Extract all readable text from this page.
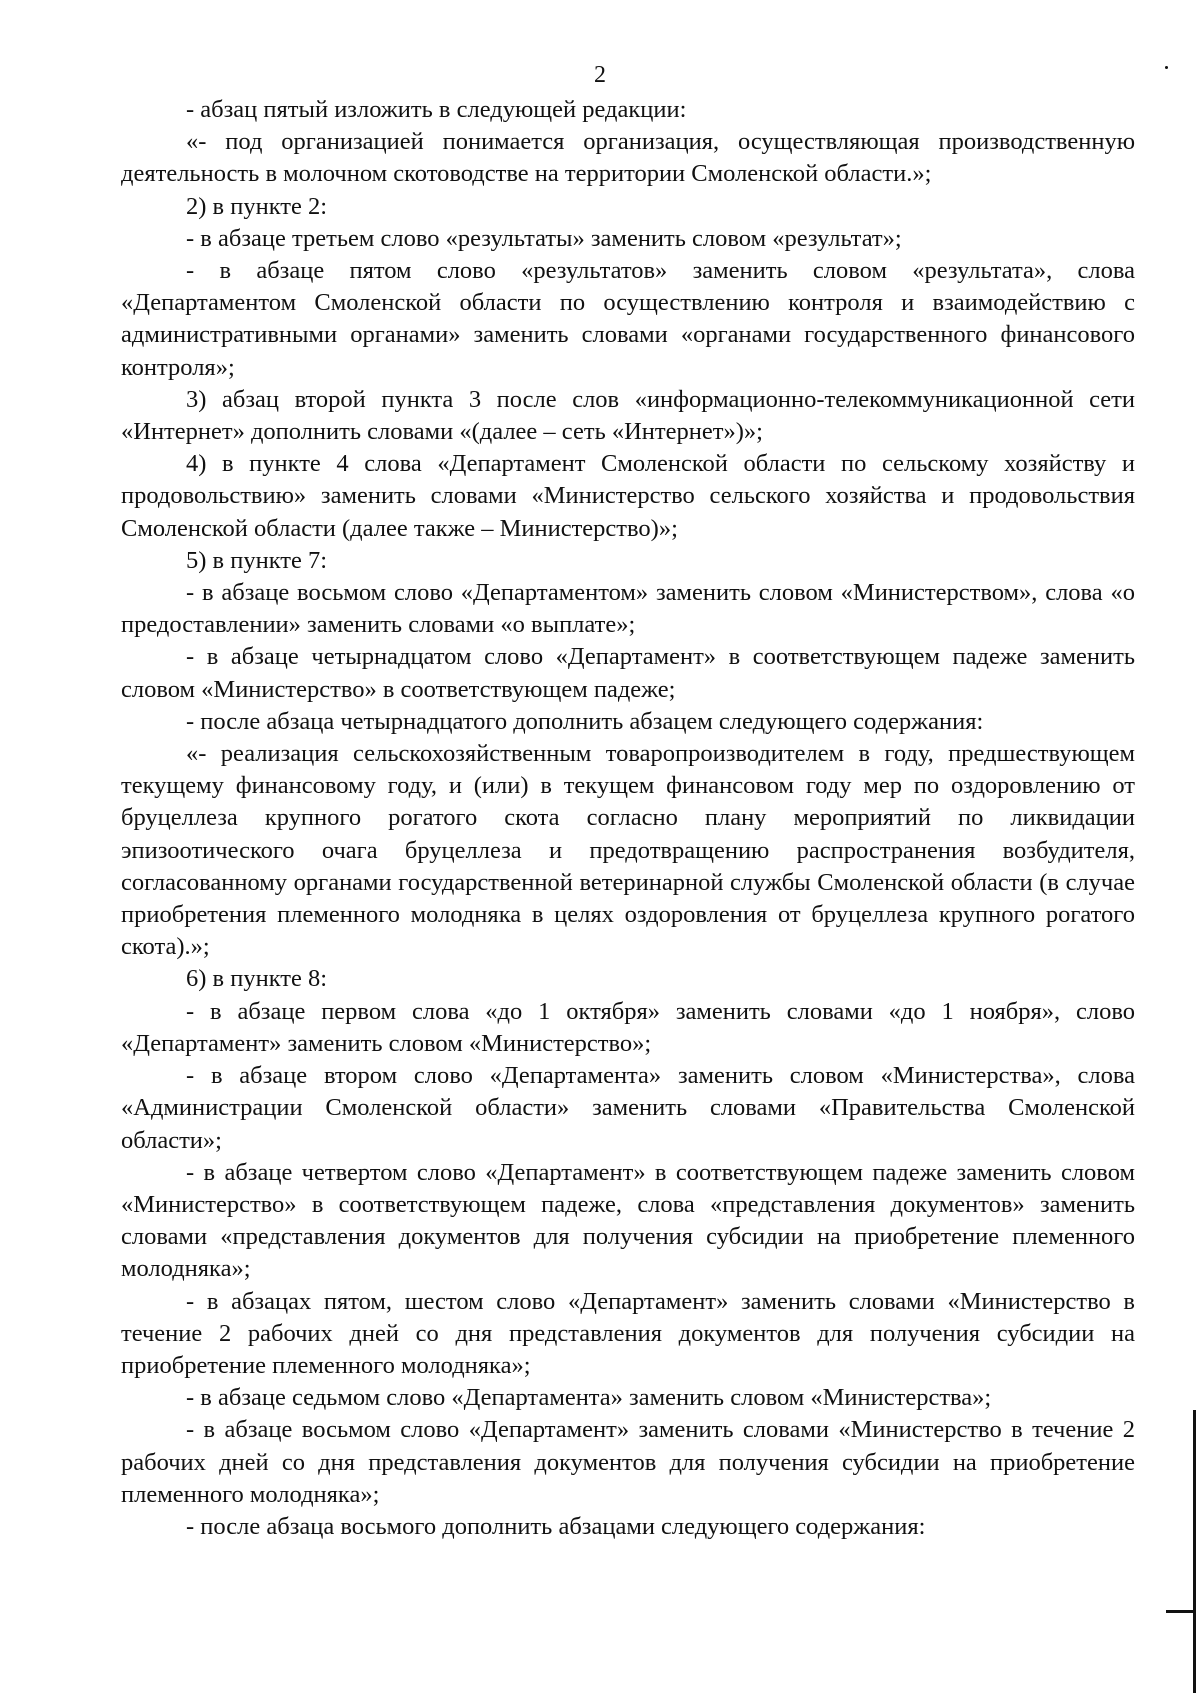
2

- абзац пятый изложить в следующей редакции:

«- под организацией понимается организация, осуществляющая производственную деятельность в молочном скотоводстве на территории Смоленской области.»;

2) в пункте 2:

- в абзаце третьем слово «результаты» заменить словом «результат»;

- в абзаце пятом слово «результатов» заменить словом «результата», слова «Департаментом Смоленской области по осуществлению контроля и взаимодействию с административными органами» заменить словами «органами государственного финансового контроля»;

3) абзац второй пункта 3 после слов «информационно-телекоммуникационной сети «Интернет» дополнить словами «(далее – сеть «Интернет»)»;

4) в пункте 4 слова «Департамент Смоленской области по сельскому хозяйству и продовольствию» заменить словами «Министерство сельского хозяйства и продовольствия Смоленской области (далее также – Министерство)»;

5) в пункте 7:

- в абзаце восьмом слово «Департаментом» заменить словом «Министерством», слова «о предоставлении» заменить словами «о выплате»;

- в абзаце четырнадцатом слово «Департамент» в соответствующем падеже заменить словом «Министерство» в соответствующем падеже;

- после абзаца четырнадцатого дополнить абзацем следующего содержания:

«- реализация сельскохозяйственным товаропроизводителем в году, предшествующем текущему финансовому году, и (или) в текущем финансовом году мер по оздоровлению от бруцеллеза крупного рогатого скота согласно плану мероприятий по ликвидации эпизоотического очага бруцеллеза и предотвращению распространения возбудителя, согласованному органами государственной ветеринарной службы Смоленской области (в случае приобретения племенного молодняка в целях оздоровления от бруцеллеза крупного рогатого скота).»;

6) в пункте 8:

- в абзаце первом слова «до 1 октября» заменить словами «до 1 ноября», слово «Департамент» заменить словом «Министерство»;

- в абзаце втором слово «Департамента» заменить словом «Министерства», слова «Администрации Смоленской области» заменить словами «Правительства Смоленской области»;

- в абзаце четвертом слово «Департамент» в соответствующем падеже заменить словом «Министерство» в соответствующем падеже, слова «представления документов» заменить словами «представления документов для получения субсидии на приобретение племенного молодняка»;

- в абзацах пятом, шестом слово «Департамент» заменить словами «Министерство в течение 2 рабочих дней со дня представления документов для получения субсидии на приобретение племенного молодняка»;

- в абзаце седьмом слово «Департамента» заменить словом «Министерства»;

- в абзаце восьмом слово «Департамент» заменить словами «Министерство в течение 2 рабочих дней со дня представления документов для получения субсидии на приобретение племенного молодняка»;

- после абзаца восьмого дополнить абзацами следующего содержания:
